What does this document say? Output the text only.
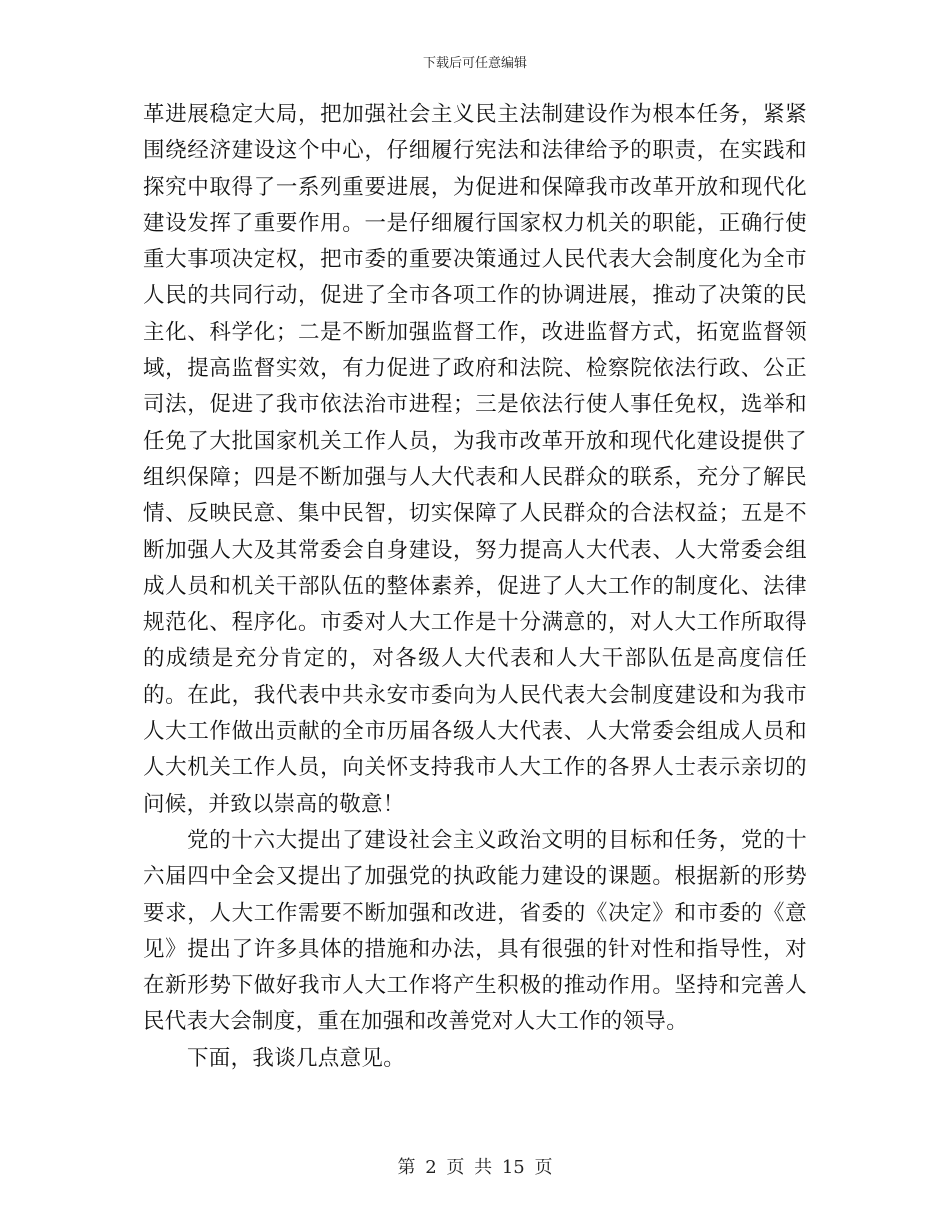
下载后可任意编辑

革进展稳定大局，把加强社会主义民主法制建设作为根本任务，紧紧围绕经济建设这个中心，仔细履行宪法和法律给予的职责，在实践和探究中取得了一系列重要进展，为促进和保障我市改革开放和现代化建设发挥了重要作用。一是仔细履行国家权力机关的职能，正确行使重大事项决定权，把市委的重要决策通过人民代表大会制度化为全市人民的共同行动，促进了全市各项工作的协调进展，推动了决策的民主化、科学化；二是不断加强监督工作，改进监督方式，拓宽监督领域，提高监督实效，有力促进了政府和法院、检察院依法行政、公正司法，促进了我市依法治市进程；三是依法行使人事任免权，选举和任免了大批国家机关工作人员，为我市改革开放和现代化建设提供了组织保障；四是不断加强与人大代表和人民群众的联系，充分了解民情、反映民意、集中民智，切实保障了人民群众的合法权益；五是不断加强人大及其常委会自身建设，努力提高人大代表、人大常委会组成人员和机关干部队伍的整体素养，促进了人大工作的制度化、法律规范化、程序化。市委对人大工作是十分满意的，对人大工作所取得的成绩是充分肯定的，对各级人大代表和人大干部队伍是高度信任的。在此，我代表中共永安市委向为人民代表大会制度建设和为我市人大工作做出贡献的全市历届各级人大代表、人大常委会组成人员和人大机关工作人员，向关怀支持我市人大工作的各界人士表示亲切的问候，并致以崇高的敬意！

党的十六大提出了建设社会主义政治文明的目标和任务，党的十六届四中全会又提出了加强党的执政能力建设的课题。根据新的形势要求，人大工作需要不断加强和改进，省委的《决定》和市委的《意见》提出了许多具体的措施和办法，具有很强的针对性和指导性，对在新形势下做好我市人大工作将产生积极的推动作用。坚持和完善人民代表大会制度，重在加强和改善党对人大工作的领导。

下面，我谈几点意见。

第 2 页 共 15 页
